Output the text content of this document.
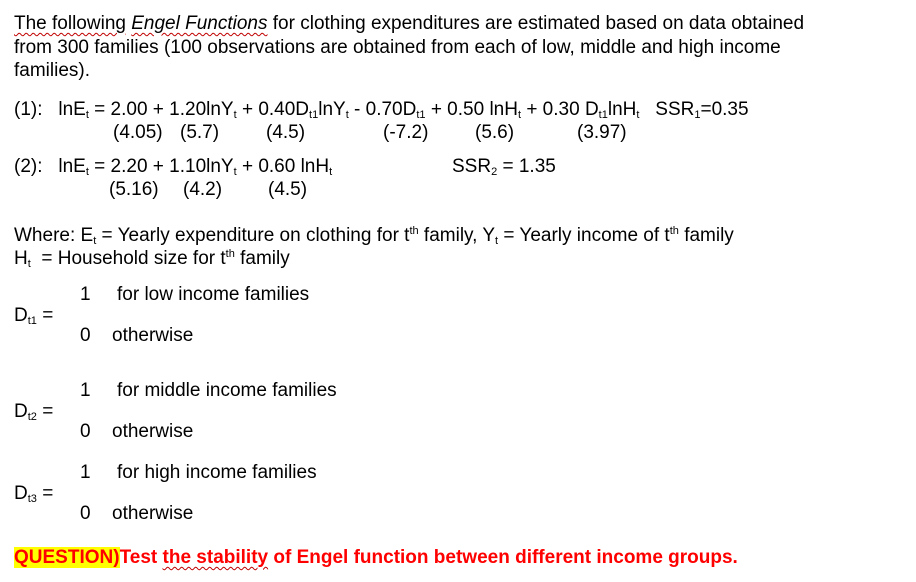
The following Engel Functions for clothing expenditures are estimated based on data obtained
from 300 families (100 observations are obtained from each of low, middle and high income
families).
(1): $\ln E_t = 2.00 + 1.20\ln Y_t + 0.40D_{t1}\ln Y_t - 0.70D_{t1} + 0.50$ lnH$_t$ + 0.30 $D_{t1}\ln H_t$ $SSR_1=0.35$
(4.05) (5.7) (4.5)	(-7.2) (5.6)	(3.97)
(2): lnE$_t$ = 2.20 + 1.10lnY$_t$ + 0.60 lnH$_t$	$SSR_2 = 1.35$
(5.16) (4.2) (4.5)
Where: $E_t$ = Yearly expenditure on clothing for $t^{th}$ family, $Y_t$ = Yearly income of $t^{th}$ family
$H_t$ = Household size for $t^{th}$ family
1 for low income families
$D_{t1}$ =
0 otherwise
1 for middle income families
$D_{t2}$ =
0 otherwise
1 for high income families
$D_{t3}$ =
0 otherwise
QUESTION)Test the stability of Engel function between different income groups.
